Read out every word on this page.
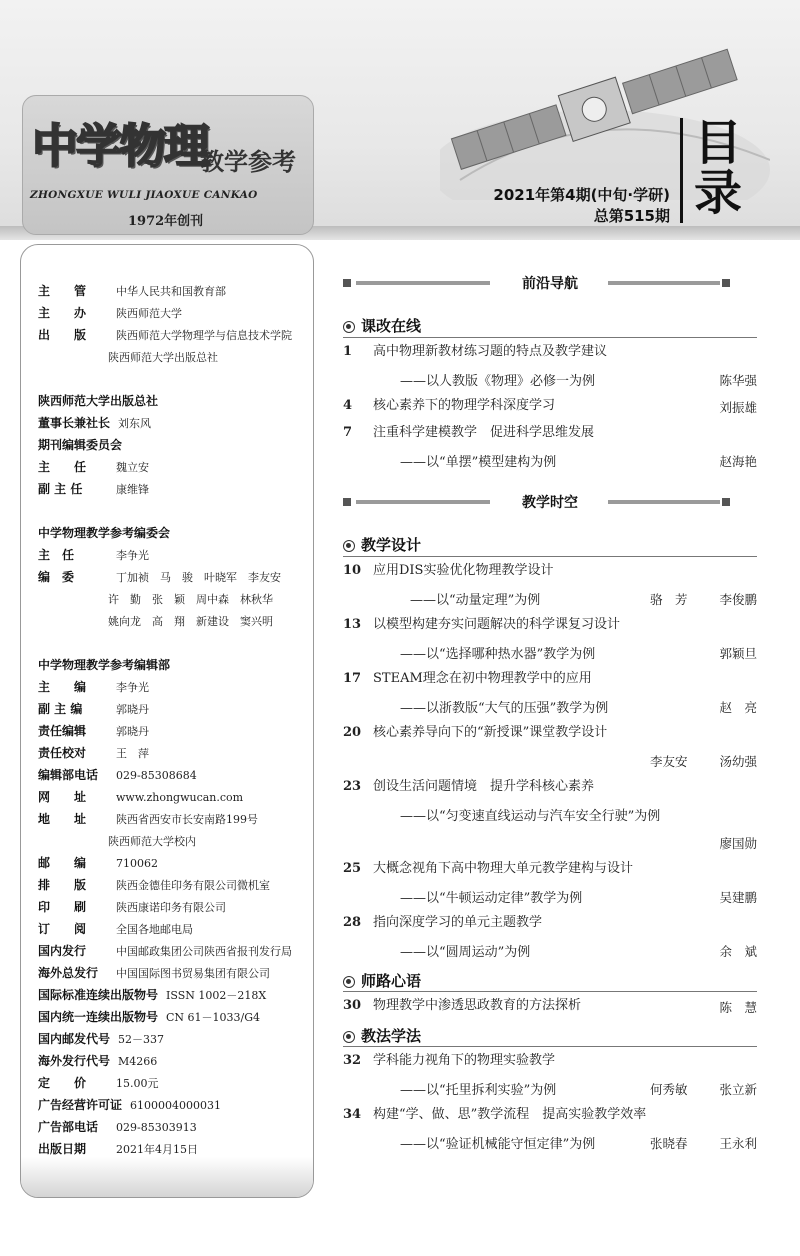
中学物理
教学参考
ZHONGXUE WULI JIAOXUE CANKAO
1972年创刊
2021年第4期(中旬·学研)
总第515期
目录
主　　管	中华人民共和国教育部
主　　办	陕西师范大学
出　　版	陕西师范大学物理学与信息技术学院
陕西师范大学出版总社
陕西师范大学出版总社
董事长兼社长 刘东风
期刊编辑委员会
主　　任	魏立安
副 主 任	康维锋
中学物理教学参考编委会
主　任	李争光
编　委	丁加祯　马　骏　叶晓军　李友安
许　勤　张　颖　周中森　林秋华
姚向龙　高　翔　新建设　窦兴明
中学物理教学参考编辑部
主　　编	李争光
副 主 编	郭晓丹
责任编辑	郭晓丹
责任校对	王　萍
编辑部电话 029-85308684
网　　址	www.zhongwucan.com
地　　址	陕西省西安市长安南路199号
陕西师范大学校内
邮　　编	710062
排　　版	陕西金德佳印务有限公司微机室
印　　刷	陕西康诺印务有限公司
订　　阅	全国各地邮电局
国内发行	中国邮政集团公司陕西省报刊发行局
海外总发行 中国国际图书贸易集团有限公司
国际标准连续出版物号 ISSN 1002－218X
国内统一连续出版物号 CN 61－1033/G4
国内邮发代号 52－337
海外发行代号 M4266
定　　价	15.00元
广告经营许可证 6100004000031
广告部电话 029-85303913
出版日期	2021年4月15日
前沿导航
课改在线
1 高中物理新教材练习题的特点及教学建议
——以人教版《物理》必修一为例	陈华强
4 核心素养下的物理学科深度学习	刘振雄
7 注重科学建模教学　促进科学思维发展
——以“单摆”模型建构为例	赵海艳
教学时空
教学设计
10 应用DIS实验优化物理教学设计
——以“动量定理”为例	骆　芳	李俊鹏
13 以模型构建夯实问题解决的科学课复习设计
——以“选择哪种热水器”教学为例	郭颖旦
17 STEAM理念在初中物理教学中的应用
——以浙教版“大气的压强”教学为例	赵　亮
20 核心素养导向下的“新授课”课堂教学设计
李友安	汤幼强
23 创设生活问题情境　提升学科核心素养
——以“匀变速直线运动与汽车安全行驶”为例
廖国勋
25 大概念视角下高中物理大单元教学建构与设计
——以“牛顿运动定律”教学为例	吴建鹏
28 指向深度学习的单元主题教学
——以“圆周运动”为例	余　斌
师路心语
30 物理教学中渗透思政教育的方法探析	陈　慧
教法学法
32 学科能力视角下的物理实验教学
——以“托里拆利实验”为例	何秀敏	张立新
34 构建“学、做、思”教学流程　提高实验教学效率
——以“验证机械能守恒定律”为例	张晓春	王永利
